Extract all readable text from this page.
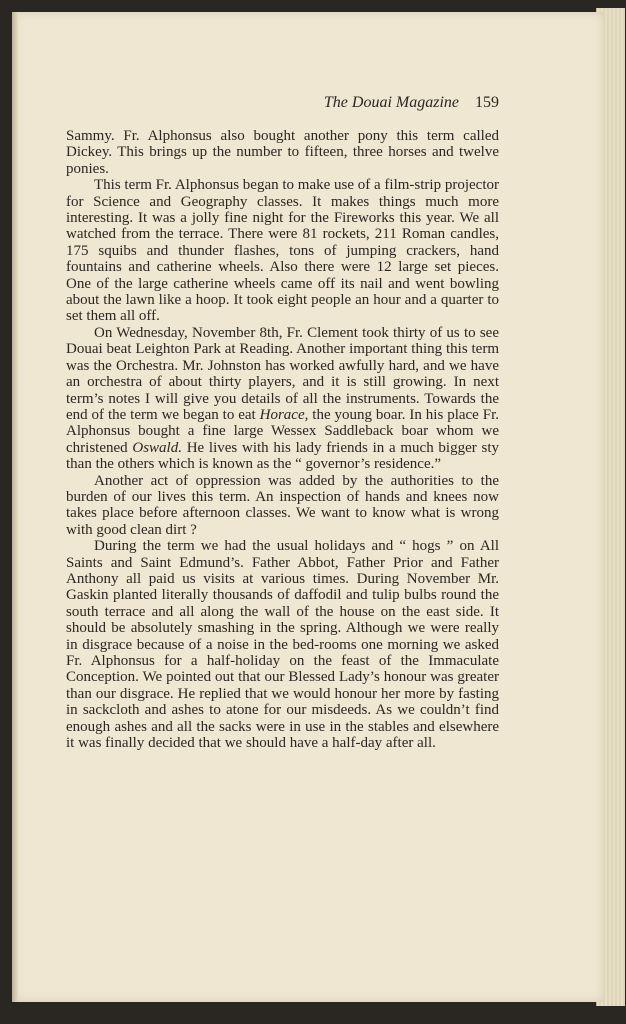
The Douai Magazine 159

Sammy. Fr. Alphonsus also bought another pony this term called Dickey. This brings up the number to fifteen, three horses and twelve ponies.

This term Fr. Alphonsus began to make use of a film-strip projector for Science and Geography classes. It makes things much more interesting. It was a jolly fine night for the Fireworks this year. We all watched from the terrace. There were 81 rockets, 211 Roman candles, 175 squibs and thunder flashes, tons of jumping crackers, hand fountains and catherine wheels. Also there were 12 large set pieces. One of the large catherine wheels came off its nail and went bowling about the lawn like a hoop. It took eight people an hour and a quarter to set them all off.

On Wednesday, November 8th, Fr. Clement took thirty of us to see Douai beat Leighton Park at Reading. Another important thing this term was the Orchestra. Mr. Johnston has worked awfully hard, and we have an orchestra of about thirty players, and it is still growing. In next term’s notes I will give you details of all the instruments. Towards the end of the term we began to eat Horace, the young boar. In his place Fr. Alphonsus bought a fine large Wessex Saddleback boar whom we christened Oswald. He lives with his lady friends in a much bigger sty than the others which is known as the “ governor’s residence.”

Another act of oppression was added by the authorities to the burden of our lives this term. An inspection of hands and knees now takes place before afternoon classes. We want to know what is wrong with good clean dirt ?

During the term we had the usual holidays and “ hogs ” on All Saints and Saint Edmund’s. Father Abbot, Father Prior and Father Anthony all paid us visits at various times. During November Mr. Gaskin planted literally thousands of daffodil and tulip bulbs round the south terrace and all along the wall of the house on the east side. It should be absolutely smashing in the spring. Although we were really in disgrace because of a noise in the bed-rooms one morning we asked Fr. Alphonsus for a half-holiday on the feast of the Immaculate Conception. We pointed out that our Blessed Lady’s honour was greater than our disgrace. He replied that we would honour her more by fasting in sackcloth and ashes to atone for our misdeeds. As we couldn’t find enough ashes and all the sacks were in use in the stables and elsewhere it was finally decided that we should have a half-day after all.
